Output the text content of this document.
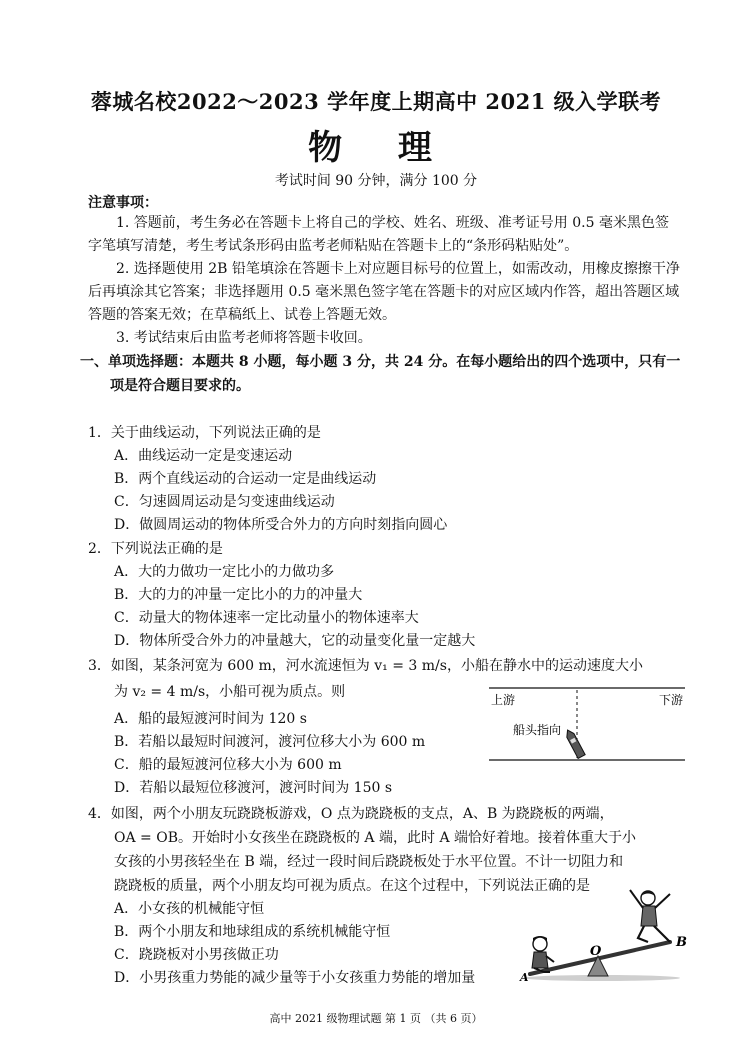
蓉城名校2022～2023 学年度上期高中 2021 级入学联考
物 理
考试时间 90 分钟，满分 100 分
注意事项：
1. 答题前，考生务必在答题卡上将自己的学校、姓名、班级、准考证号用 0.5 毫米黑色签字笔填写清楚，考生考试条形码由监考老师粘贴在答题卡上的“条形码粘贴处”。
2. 选择题使用 2B 铅笔填涂在答题卡上对应题目标号的位置上，如需改动，用橡皮擦擦干净后再填涂其它答案；非选择题用 0.5 毫米黑色签字笔在答题卡的对应区域内作答，超出答题区域答题的答案无效；在草稿纸上、试卷上答题无效。
3. 考试结束后由监考老师将答题卡收回。
一、单项选择题：本题共 8 小题，每小题 3 分，共 24 分。在每小题给出的四个选项中，只有一项是符合题目要求的。
1．关于曲线运动，下列说法正确的是
A．曲线运动一定是变速运动
B．两个直线运动的合运动一定是曲线运动
C．匀速圆周运动是匀变速曲线运动
D．做圆周运动的物体所受合外力的方向时刻指向圆心
2．下列说法正确的是
A．大的力做功一定比小的力做功多
B．大的力的冲量一定比小的力的冲量大
C．动量大的物体速率一定比动量小的物体速率大
D．物体所受合外力的冲量越大，它的动量变化量一定越大
3．如图，某条河宽为 600 m，河水流速恒为 v₁ = 3 m/s，小船在静水中的运动速度大小
为 v₂ = 4 m/s，小船可视为质点。则
A．船的最短渡河时间为 120 s
B．若船以最短时间渡河，渡河位移大小为 600 m
C．船的最短渡河位移大小为 600 m
D．若船以最短位移渡河，渡河时间为 150 s
上游	下游
船头指向
4．如图，两个小朋友玩跷跷板游戏，O 点为跷跷板的支点，A、B 为跷跷板的两端，
OA = OB。开始时小女孩坐在跷跷板的 A 端，此时 A 端恰好着地。接着体重大于小
女孩的小男孩轻坐在 B 端，经过一段时间后跷跷板处于水平位置。不计一切阻力和
跷跷板的质量，两个小朋友均可视为质点。在这个过程中，下列说法正确的是
A．小女孩的机械能守恒
B．两个小朋友和地球组成的系统机械能守恒
C．跷跷板对小男孩做正功
D．小男孩重力势能的减少量等于小女孩重力势能的增加量
O
A
B
高中 2021 级物理试题 第 1 页 （共 6 页）
